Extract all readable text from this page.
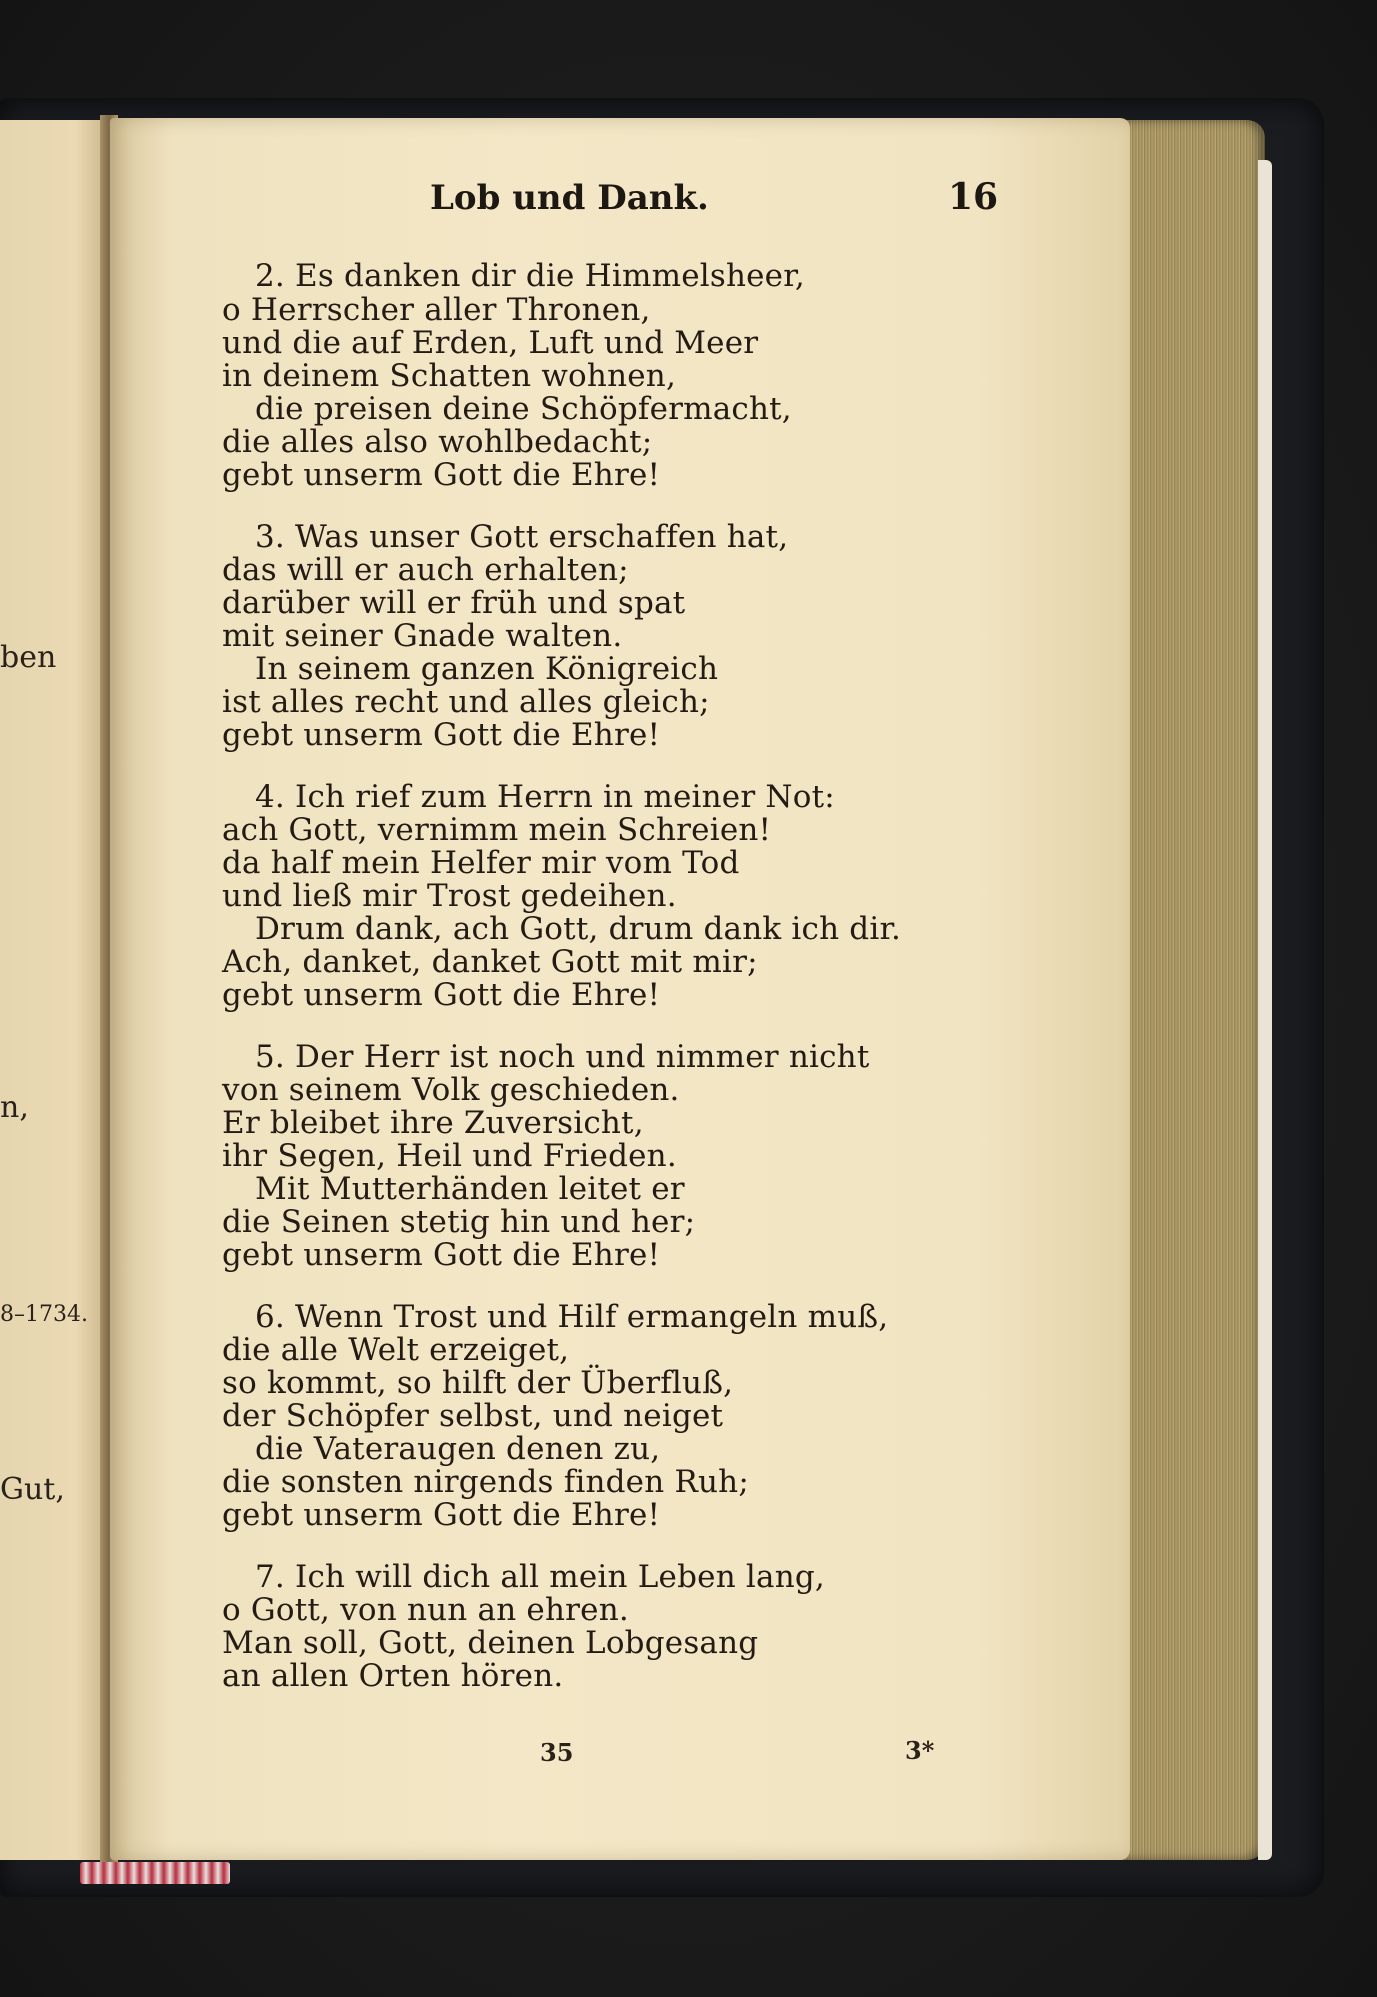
ben
n,
8–1734.
Gut,
Lob und Dank.	16
2. Es danken dir die Himmelsheer,
o Herrscher aller Thronen,
und die auf Erden, Luft und Meer
in deinem Schatten wohnen,
die preisen deine Schöpfermacht,
die alles also wohlbedacht;
gebt unserm Gott die Ehre!
3. Was unser Gott erschaffen hat,
das will er auch erhalten;
darüber will er früh und spat
mit seiner Gnade walten.
In seinem ganzen Königreich
ist alles recht und alles gleich;
gebt unserm Gott die Ehre!
4. Ich rief zum Herrn in meiner Not:
ach Gott, vernimm mein Schreien!
da half mein Helfer mir vom Tod
und ließ mir Trost gedeihen.
Drum dank, ach Gott, drum dank ich dir.
Ach, danket, danket Gott mit mir;
gebt unserm Gott die Ehre!
5. Der Herr ist noch und nimmer nicht
von seinem Volk geschieden.
Er bleibet ihre Zuversicht,
ihr Segen, Heil und Frieden.
Mit Mutterhänden leitet er
die Seinen stetig hin und her;
gebt unserm Gott die Ehre!
6. Wenn Trost und Hilf ermangeln muß,
die alle Welt erzeiget,
so kommt, so hilft der Überfluß,
der Schöpfer selbst, und neiget
die Vateraugen denen zu,
die sonsten nirgends finden Ruh;
gebt unserm Gott die Ehre!
7. Ich will dich all mein Leben lang,
o Gott, von nun an ehren.
Man soll, Gott, deinen Lobgesang
an allen Orten hören.
35	3*
